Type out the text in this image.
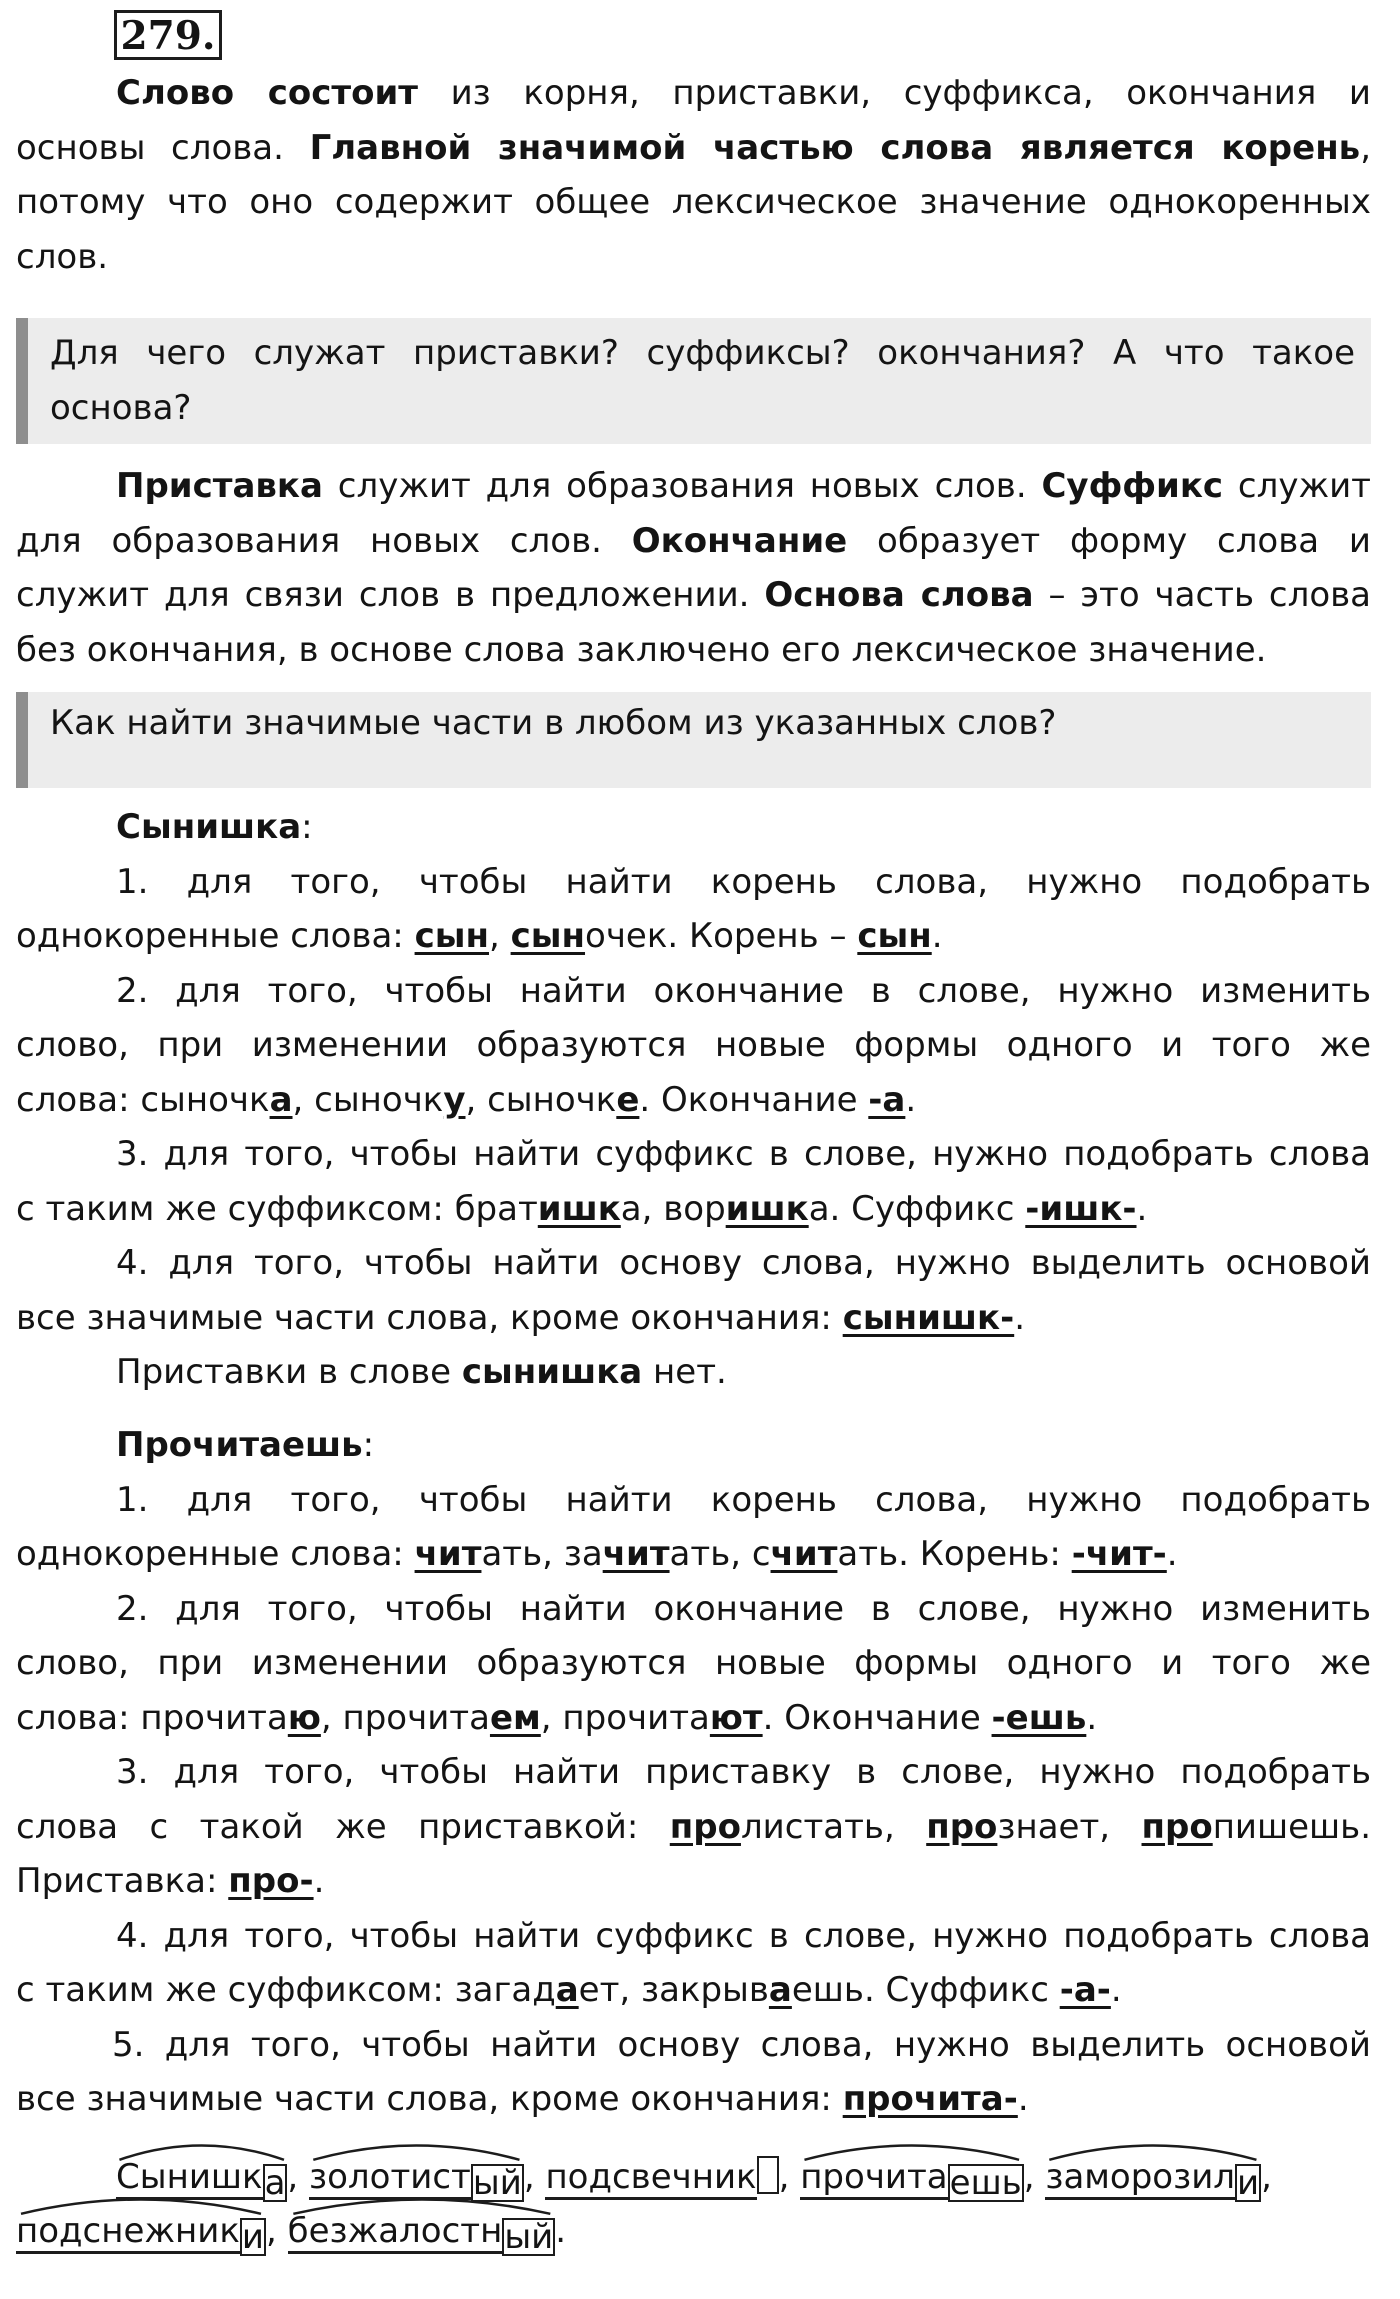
279.
Слово состоит из корня, приставки, суффикса, окончания и
основы слова. Главной значимой частью слова является корень,
потому что оно содержит общее лексическое значение однокоренных
слов.
Для чего служат приставки? суффиксы? окончания? А что такое
основа?
Приставка служит для образования новых слов. Суффикс служит
для образования новых слов. Окончание образует форму слова и
служит для связи слов в предложении. Основа слова – это часть слова
без окончания, в основе слова заключено его лексическое значение.
Как найти значимые части в любом из указанных слов?
Сынишка:
1. для того, чтобы найти корень слова, нужно подобрать
однокоренные слова: сын, сыночек. Корень – сын.
2. для того, чтобы найти окончание в слове, нужно изменить
слово, при изменении образуются новые формы одного и того же
слова: сыночка, сыночку, сыночке. Окончание -а.
3. для того, чтобы найти суффикс в слове, нужно подобрать слова
с таким же суффиксом: братишка, воришка. Суффикс -ишк-.
4. для того, чтобы найти основу слова, нужно выделить основой
все значимые части слова, кроме окончания: сынишк-.
Приставки в слове сынишка нет.
Прочитаешь:
1. для того, чтобы найти корень слова, нужно подобрать
однокоренные слова: читать, зачитать, считать. Корень: -чит-.
2. для того, чтобы найти окончание в слове, нужно изменить
слово, при изменении образуются новые формы одного и того же
слова: прочитаю, прочитаем, прочитают. Окончание -ешь.
3. для того, чтобы найти приставку в слове, нужно подобрать
слова с такой же приставкой: пролистать, прознает, пропишешь.
Приставка: про-.
4. для того, чтобы найти суффикс в слове, нужно подобрать слова
с таким же суффиксом: загадает, закрываешь. Суффикс -а-.
5. для того, чтобы найти основу слова, нужно выделить основой
все значимые части слова, кроме окончания: прочита-.
Сынишка, золотистый, подсвечник , прочитаешь, заморозили,
подснежники, безжалостный.
